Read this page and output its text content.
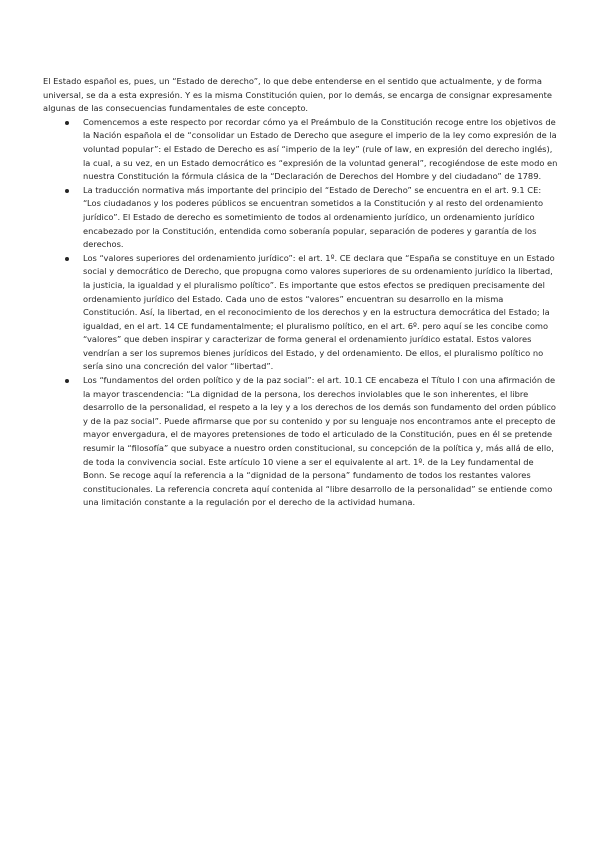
El Estado español es, pues, un “Estado de derecho”, lo que debe entenderse en el sentido que actualmente, y de forma universal, se da a esta expresión. Y es la misma Constitución quien, por lo demás, se encarga de consignar expresamente algunas de las consecuencias fundamentales de este concepto.

Comencemos a este respecto por recordar cómo ya el Preámbulo de la Constitución recoge entre los objetivos de la Nación española el de “consolidar un Estado de Derecho que asegure el imperio de la ley como expresión de la voluntad popular”: el Estado de Derecho es así “imperio de la ley” (rule of law, en expresión del derecho inglés), la cual, a su vez, en un Estado democrático es “expresión de la voluntad general”, recogiéndose de este modo en nuestra Constitución la fórmula clásica de la “Declaración de Derechos del Hombre y del ciudadano” de 1789.
La traducción normativa más importante del principio del “Estado de Derecho” se encuentra en el art. 9.1 CE: “Los ciudadanos y los poderes públicos se encuentran sometidos a la Constitución y al resto del ordenamiento jurídico”. El Estado de derecho es sometimiento de todos al ordenamiento jurídico, un ordenamiento jurídico encabezado por la Constitución, entendida como soberanía popular, separación de poderes y garantía de los derechos.
Los “valores superiores del ordenamiento jurídico”: el art. 1º. CE declara que “España se constituye en un Estado social y democrático de Derecho, que propugna como valores superiores de su ordenamiento jurídico la libertad, la justicia, la igualdad y el pluralismo político”. Es importante que estos efectos se prediquen precisamente del ordenamiento jurídico del Estado. Cada uno de estos “valores” encuentran su desarrollo en la misma Constitución. Así, la libertad, en el reconocimiento de los derechos y en la estructura democrática del Estado; la igualdad, en el art. 14 CE fundamentalmente; el pluralismo político, en el art. 6º. pero aquí se les concibe como “valores” que deben inspirar y caracterizar de forma general el ordenamiento jurídico estatal. Estos valores vendrían a ser los supremos bienes jurídicos del Estado, y del ordenamiento. De ellos, el pluralismo político no sería sino una concreción del valor “libertad”.
Los “fundamentos del orden político y de la paz social”: el art. 10.1 CE encabeza el Título I con una afirmación de la mayor trascendencia: “La dignidad de la persona, los derechos inviolables que le son inherentes, el libre desarrollo de la personalidad, el respeto a la ley y a los derechos de los demás son fundamento del orden público y de la paz social”. Puede afirmarse que por su contenido y por su lenguaje nos encontramos ante el precepto de mayor envergadura, el de mayores pretensiones de todo el articulado de la Constitución, pues en él se pretende resumir la “filosofía” que subyace a nuestro orden constitucional, su concepción de la política y, más allá de ello, de toda la convivencia social. Este artículo 10 viene a ser el equivalente al art. 1º. de la Ley fundamental de Bonn. Se recoge aquí la referencia a la “dignidad de la persona” fundamento de todos los restantes valores constitucionales. La referencia concreta aquí contenida al “libre desarrollo de la personalidad” se entiende como una limitación constante a la regulación por el derecho de la actividad humana.
